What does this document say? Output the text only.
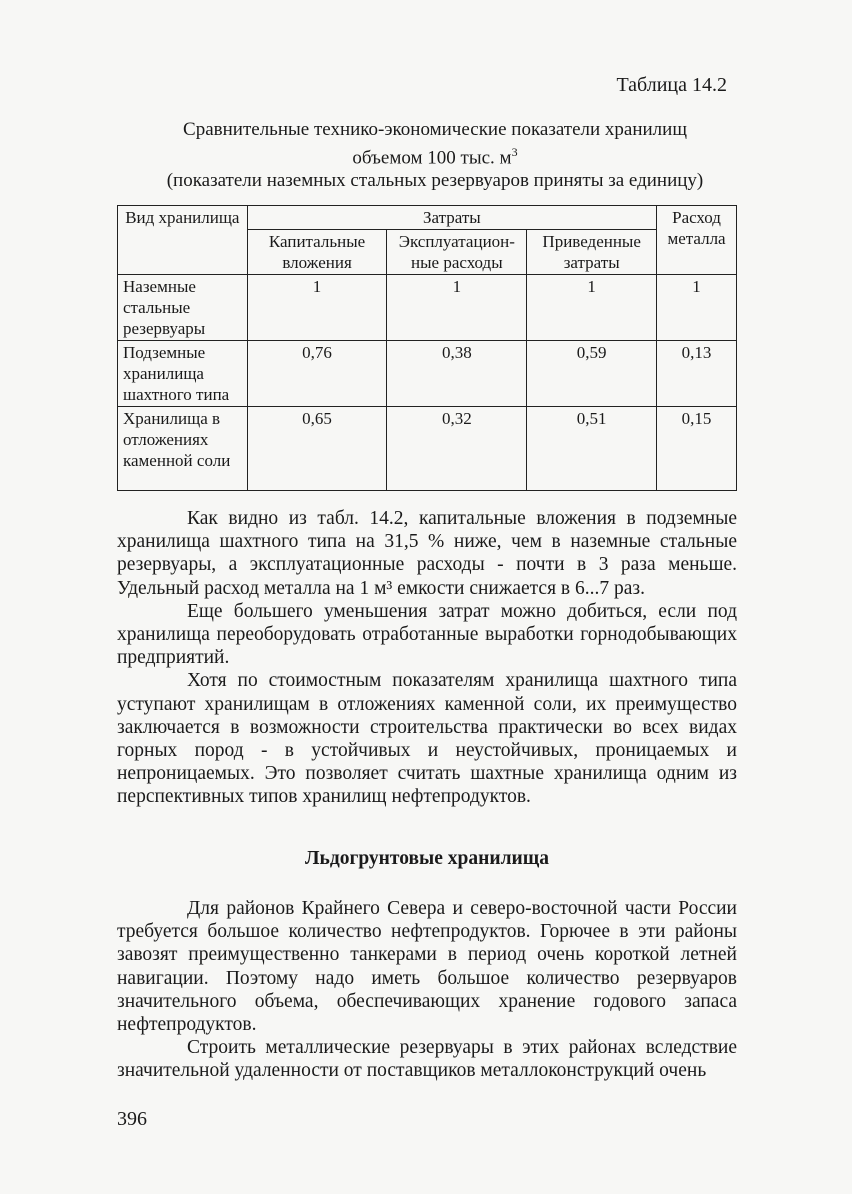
Таблица 14.2
Сравнительные технико-экономические показатели хранилищ
объемом 100 тыс. $м^3$
(показатели наземных стальных резервуаров приняты за единицу)
Вид хранилища	Затраты			Расход металла
	Капитальные вложения	Эксплуатацион-ные расходы	Приведенные затраты	
Наземные стальные резервуары	1	1	1	1
Подземные хранилища шахтного типа	0,76	0,38	0,59	0,13
Хранилища в отложениях каменной соли	0,65	0,32	0,51	0,15

Как видно из табл. 14.2, капитальные вложения в подземные хранилища шахтного типа на 31,5 % ниже, чем в наземные стальные резервуары, а эксплуатационные расходы - почти в 3 раза меньше. Удельный расход металла на 1 м³ емкости снижается в 6...7 раз.

Еще большего уменьшения затрат можно добиться, если под хранилища переоборудовать отработанные выработки горнодобывающих предприятий.

Хотя по стоимостным показателям хранилища шахтного типа уступают хранилищам в отложениях каменной соли, их преимущество заключается в возможности строительства практически во всех видах горных пород - в устойчивых и неустойчивых, проницаемых и непроницаемых. Это позволяет считать шахтные хранилища одним из перспективных типов хранилищ нефтепродуктов.

Льдогрунтовые хранилища

Для районов Крайнего Севера и северо-восточной части России требуется большое количество нефтепродуктов. Горючее в эти районы завозят преимущественно танкерами в период очень короткой летней навигации. Поэтому надо иметь большое количество резервуаров значительного объема, обеспечивающих хранение годового запаса нефтепродуктов.

Строить металлические резервуары в этих районах вследствие значительной удаленности от поставщиков металлоконструкций очень

396
